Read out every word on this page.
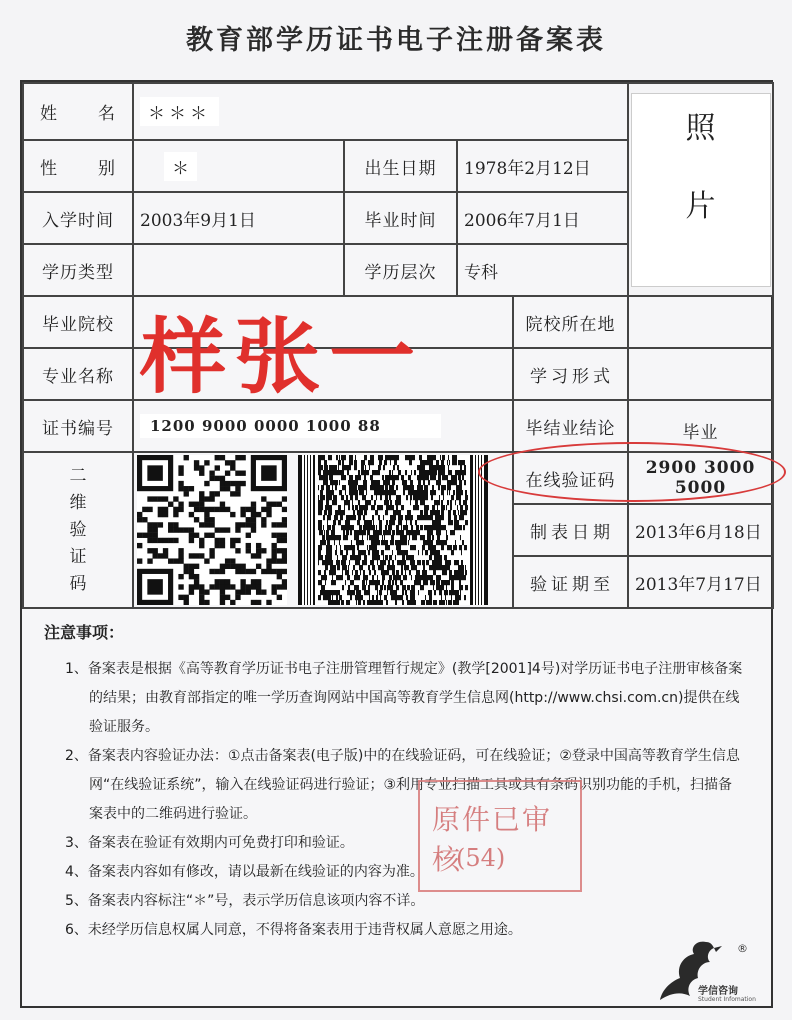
教育部学历证书电子注册备案表
姓　名	＊＊＊				照
片

性　别	＊	出生日期	1978年2月12日		
入学时间	2003年9月1日	毕业时间	2006年7月1日		
学历类型		学历层次	专科		
毕业院校				院校所在地	
专业名称				学习形式	
证书编号	1200 9000 0000 1000 88			毕结业结论	毕业

二
维
验
证
码				在线验证码	2900 3000 5000
				制表日期	2013年6月18日
				验证期至	2013年7月17日
样张一
注意事项：

1、备案表是根据《高等教育学历证书电子注册管理暂行规定》(教学[2001]4号)对学历证书电子注册审核备案的结果；由教育部指定的唯一学历查询网站中国高等教育学生信息网(http://www.chsi.com.cn)提供在线验证服务。

2、备案表内容验证办法：①点击备案表(电子版)中的在线验证码，可在线验证；②登录中国高等教育学生信息网“在线验证系统”，输入在线验证码进行验证；③利用专业扫描工具或具有条码识别功能的手机，扫描备案表中的二维码进行验证。

3、备案表在验证有效期内可免费打印和验证。

4、备案表内容如有修改，请以最新在线验证的内容为准。

5、备案表内容标注“＊”号，表示学历信息该项内容不详。

6、未经学历信息权属人同意，不得将备案表用于违背权属人意愿之用途。

原件已审核
(54)
®
学信咨询
Student Infomation
